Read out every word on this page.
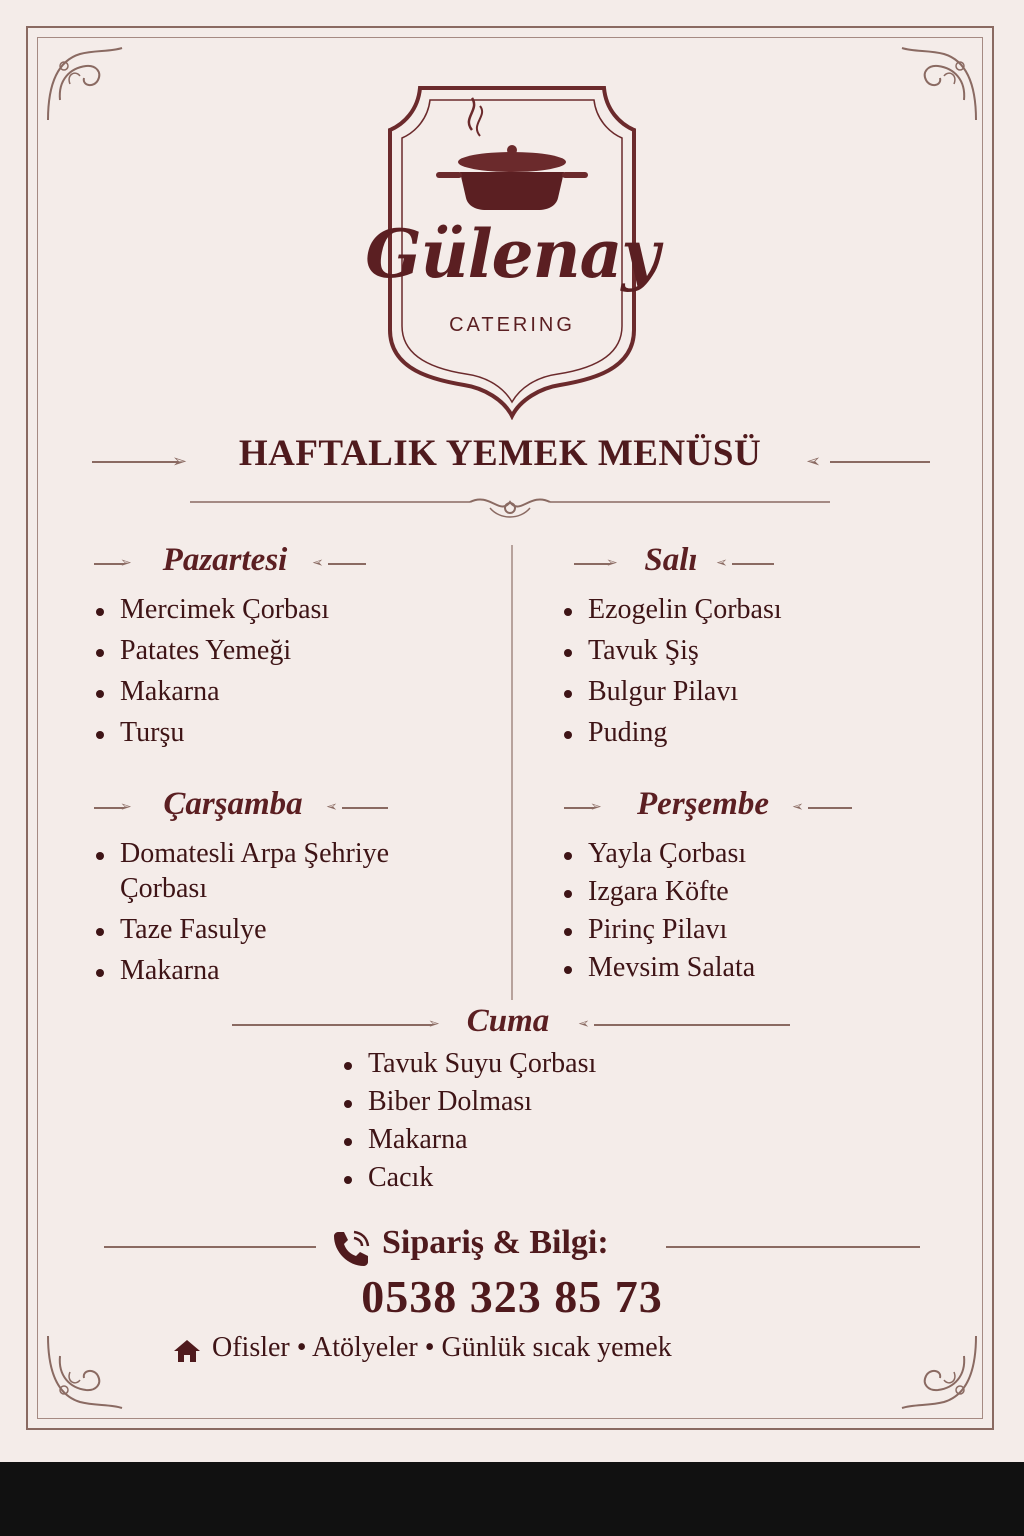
Gülenay
CATERING
➢	HAFTALIK YEMEK MENÜSÜ	➢
➢ Pazartesi	➢
Mercimek Çorbası
Patates Yemeği
Makarna
Turşu
➢ Salı	➢
Ezogelin Çorbası
Tavuk Şiş
Bulgur Pilavı
Puding
➢ Çarşamba	➢
Domatesli Arpa Şehriye Çorbası
Taze Fasulye
Makarna
➢	Perşembe	➢
Yayla Çorbası
Izgara Köfte
Pirinç Pilavı
Mevsim Salata
➢ Cuma	➢
Tavuk Suyu Çorbası
Biber Dolması
Makarna
Cacık
Sipariş & Bilgi:
0538 323 85 73
Ofisler • Atölyeler • Günlük sıcak yemek
